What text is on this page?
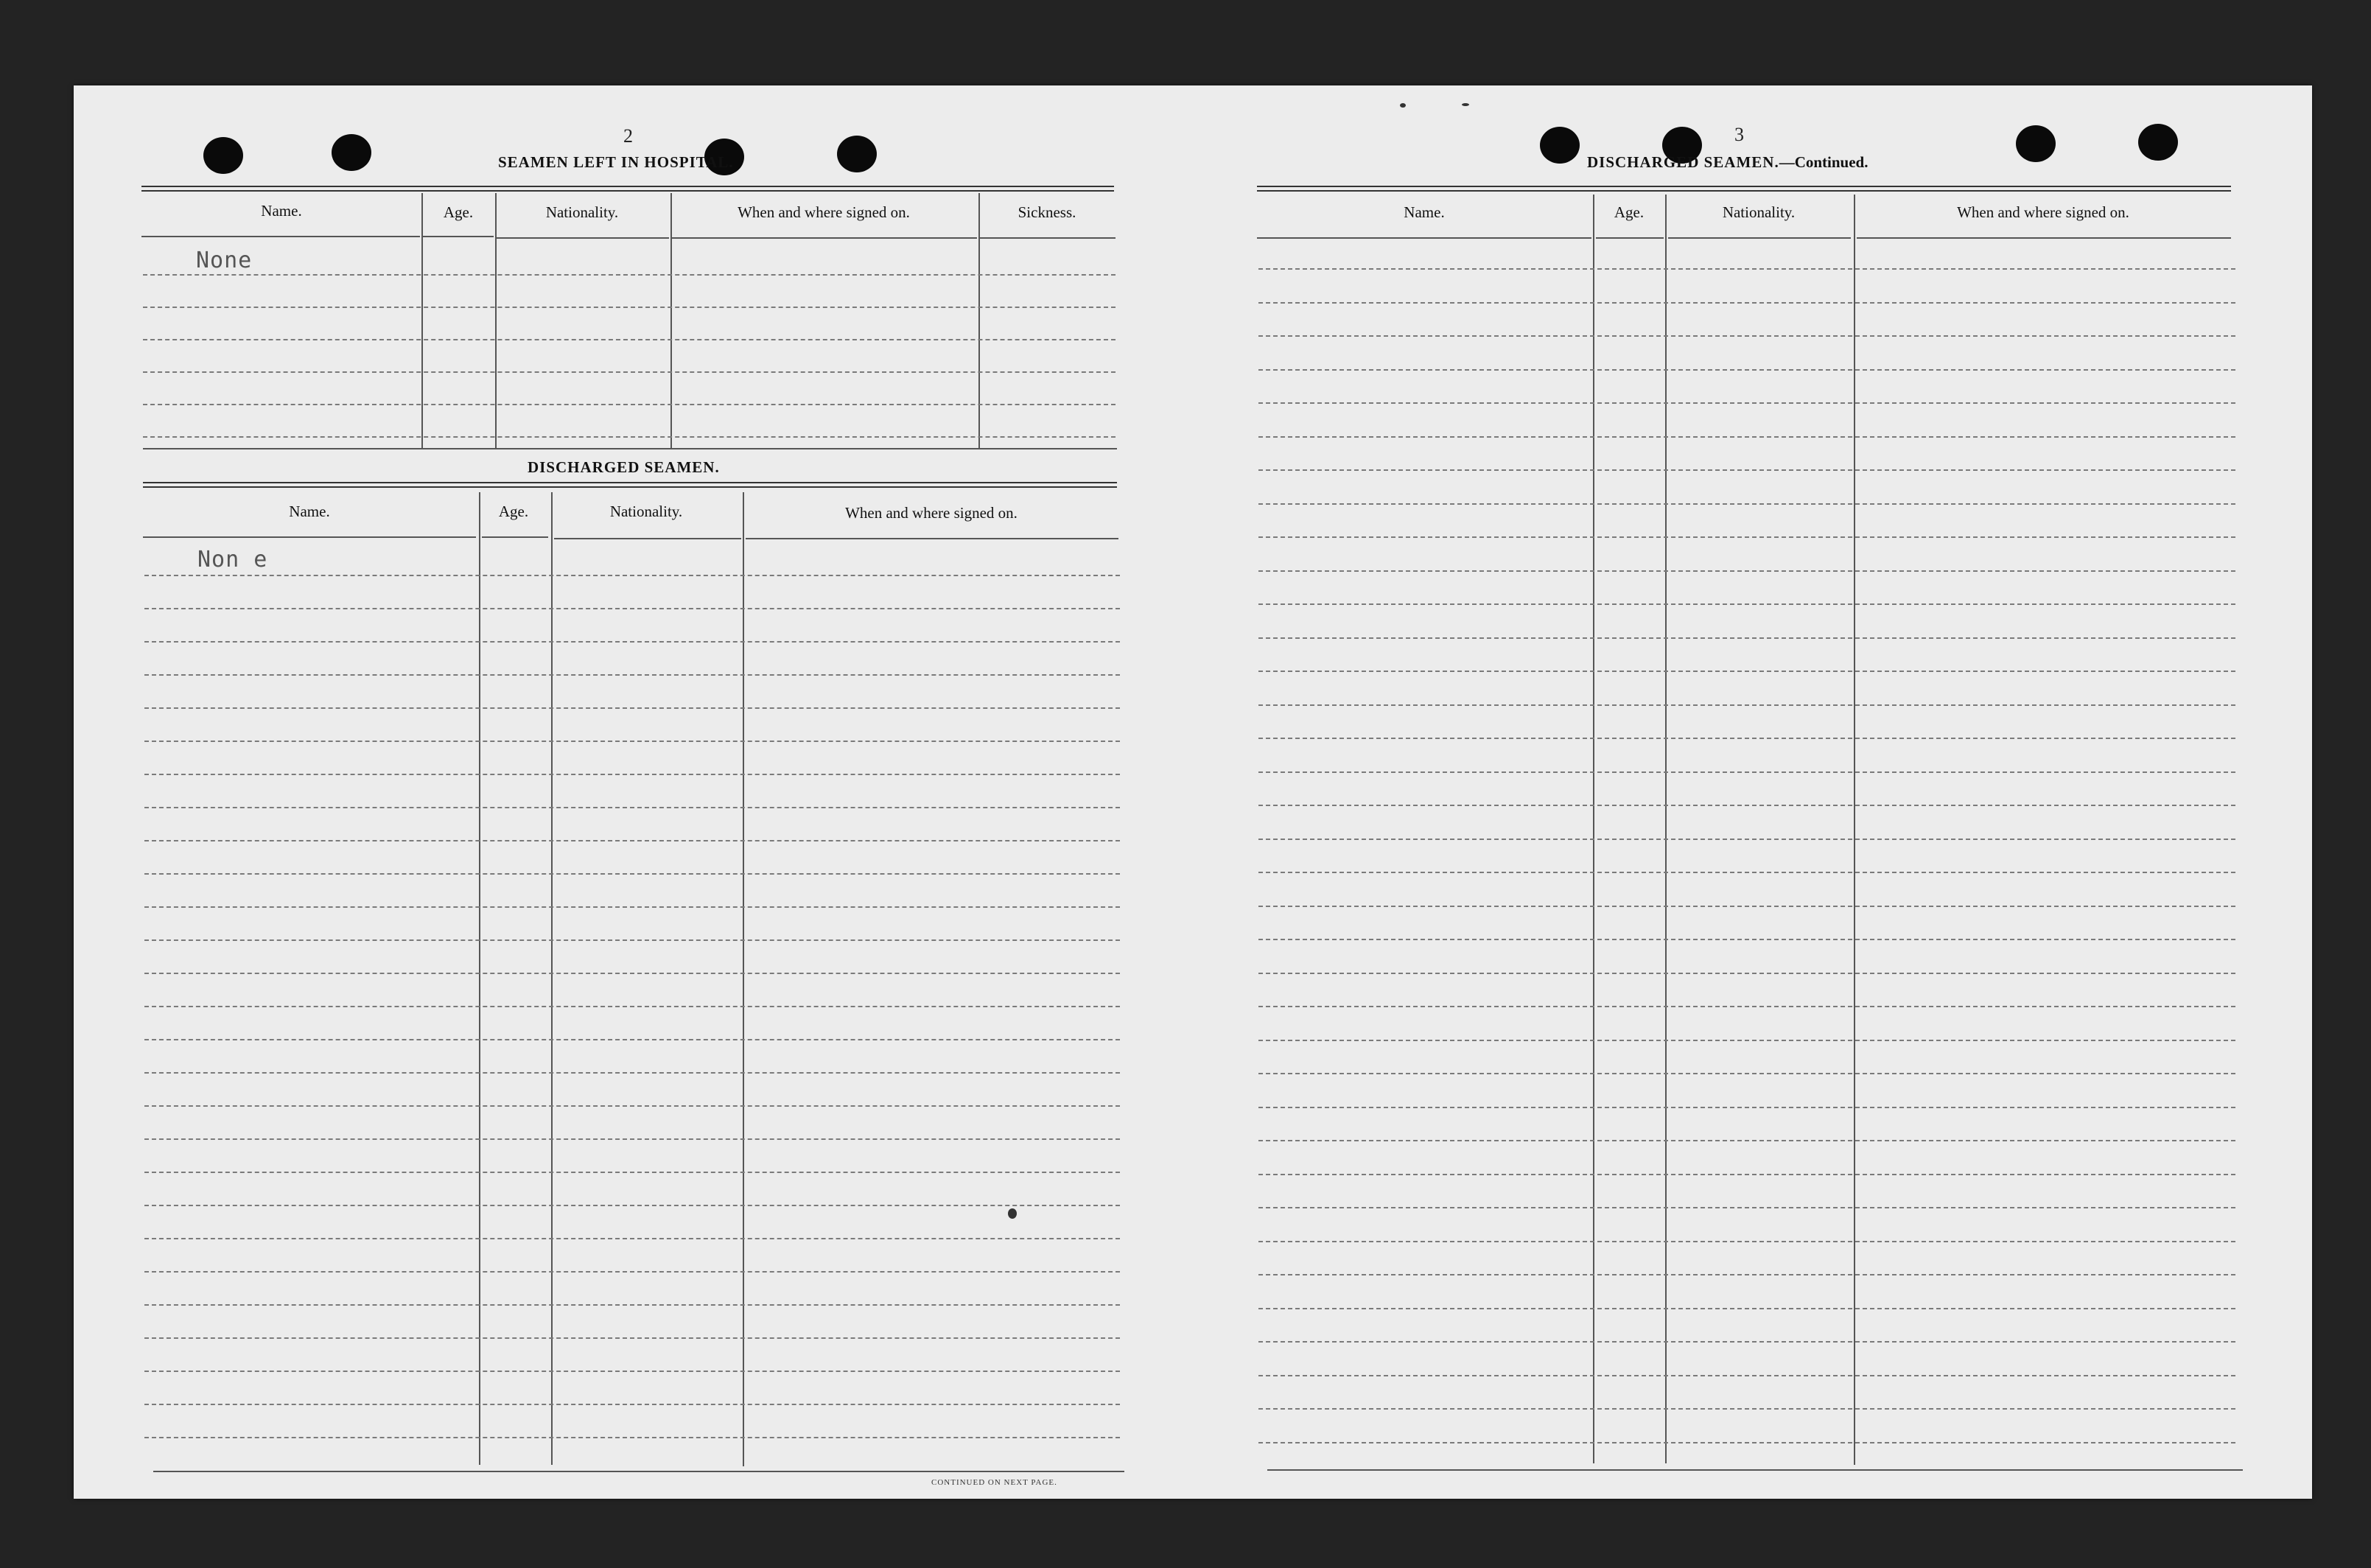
2
SEAMEN LEFT IN HOSPITAL.
Name.	Age.	Nationality.	When and where signed on.	Sickness.
None
DISCHARGED SEAMEN.
Name.	Age.	Nationality.	When and where signed on.
Non e
CONTINUED ON NEXT PAGE.
3
DISCHARGED SEAMEN.—Continued.
Name.	Age.	Nationality.	When and where signed on.
